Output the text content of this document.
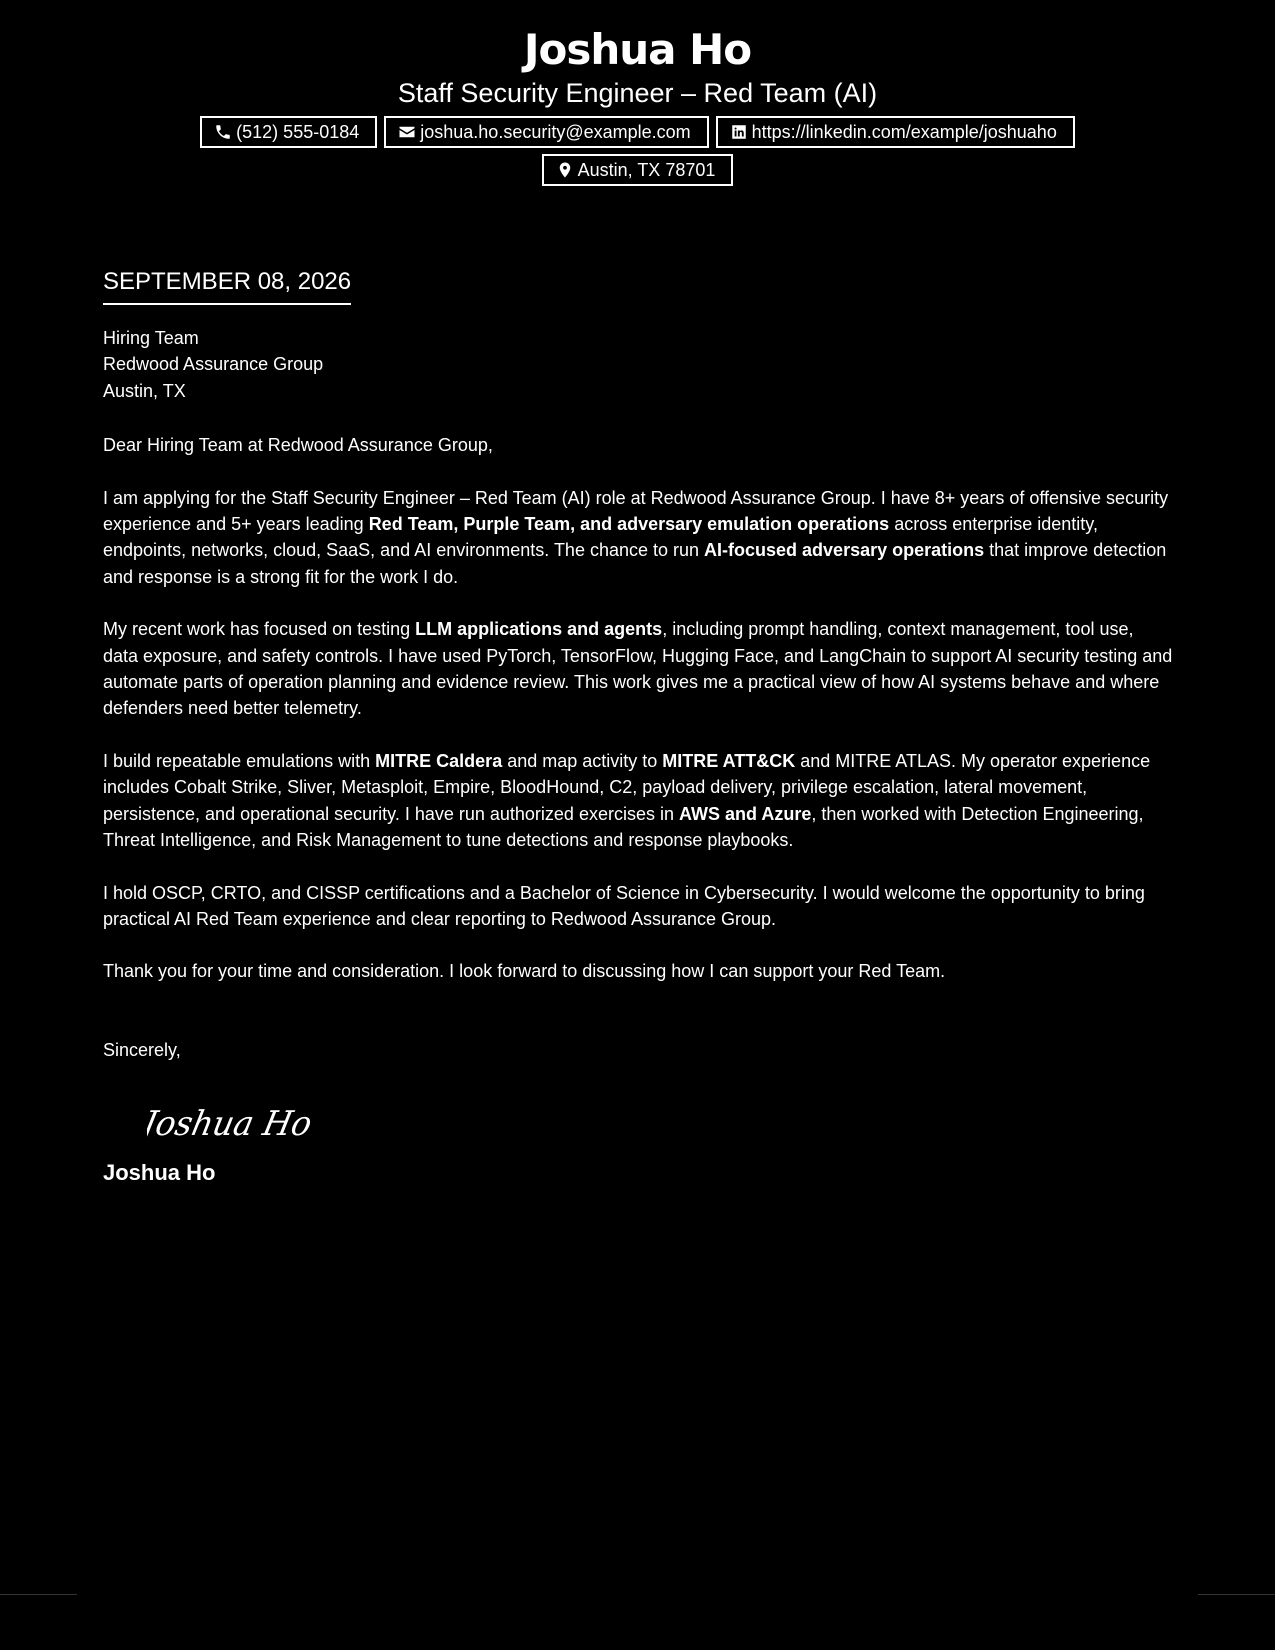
Joshua Ho
Staff Security Engineer – Red Team (AI)
(512) 555-0184	joshua.ho.security@example.com	https://linkedin.com/example/joshuaho
Austin, TX 78701
SEPTEMBER 08, 2026
Hiring Team
Redwood Assurance Group
Austin, TX

Dear Hiring Team at Redwood Assurance Group,

I am applying for the Staff Security Engineer – Red Team (AI) role at Redwood Assurance Group. I have 8+ years of offensive security experience and 5+ years leading Red Team, Purple Team, and adversary emulation operations across enterprise identity, endpoints, networks, cloud, SaaS, and AI environments. The chance to run AI-focused adversary operations that improve detection and response is a strong fit for the work I do.

My recent work has focused on testing LLM applications and agents, including prompt handling, context management, tool use, data exposure, and safety controls. I have used PyTorch, TensorFlow, Hugging Face, and LangChain to support AI security testing and automate parts of operation planning and evidence review. This work gives me a practical view of how AI systems behave and where defenders need better telemetry.

I build repeatable emulations with MITRE Caldera and map activity to MITRE ATT&CK and MITRE ATLAS. My operator experience includes Cobalt Strike, Sliver, Metasploit, Empire, BloodHound, C2, payload delivery, privilege escalation, lateral movement, persistence, and operational security. I have run authorized exercises in AWS and Azure, then worked with Detection Engineering, Threat Intelligence, and Risk Management to tune detections and response playbooks.

I hold OSCP, CRTO, and CISSP certifications and a Bachelor of Science in Cybersecurity. I would welcome the opportunity to bring practical AI Red Team experience and clear reporting to Redwood Assurance Group.

Thank you for your time and consideration. I look forward to discussing how I can support your Red Team.

Sincerely,

Joshua Ho
Joshua Ho
